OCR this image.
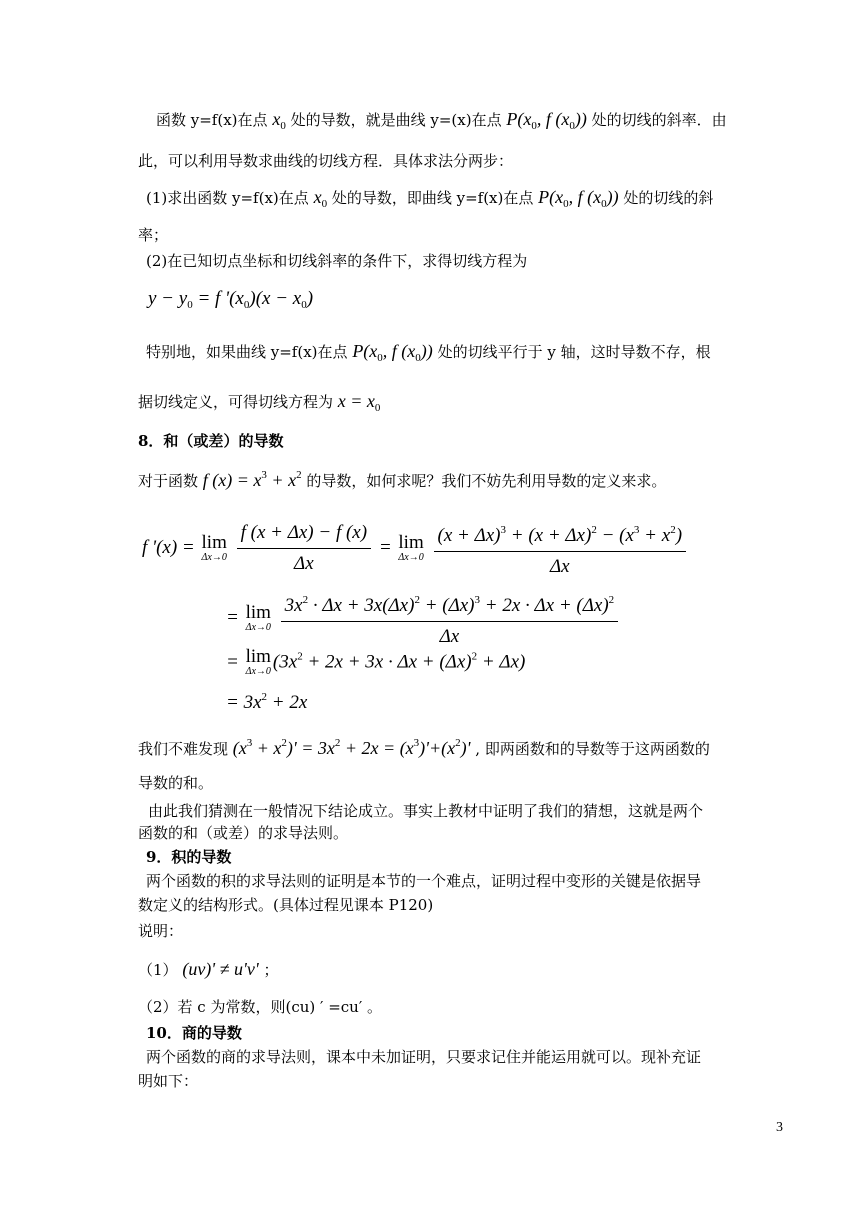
函数 y=f(x)在点 $x_0$ 处的导数，就是曲线 y=(x)在点 $P(x_0$, f $(x_0)$) 处的切线的斜率．由
此，可以利用导数求曲线的切线方程．具体求法分两步：
(1)求出函数 y=f(x)在点 $x_0$ 处的导数，即曲线 y=f(x)在点 $P(x_0$, f $(x_0)$) 处的切线的斜
率；
(2)在已知切点坐标和切线斜率的条件下，求得切线方程为
$y - y_0 = f$ '$(x_0)(x - x_0)$
特别地，如果曲线 y=f(x)在点 $P(x_0$, f $(x_0)$) 处的切线平行于 y 轴，这时导数不存，根
据切线定义，可得切线方程为 $x = x_0$
8．和（或差）的导数
对于函数 f $(x) = x^3 + x^2$ 的导数，如何求呢？我们不妨先利用导数的定义来求。
f '(x) = lim
Δx→0
$\frac{f (x + \Delta x) - f (x)}{\Delta x} = \lim$
Δx→0
$\frac{(x + \Delta x)^3 + (x + \Delta x)^2 - (x^3 + x^2)}{\Delta x}$
= lim
Δx→0
$\frac{3x^2 \cdot \Delta x + 3x(\Delta x)^2 + (\Delta x)^3 + 2x \cdot \Delta x + (\Delta x)^2}{\Delta x}$
= lim
Δx→0 $(3x^2 + 2x + 3x \cdot \Delta x + (\Delta x)^2 + \Delta x)$
= $3x^2 + 2x$
我们不难发现 $(x^3 + x^2)' = 3x^2 + 2x = (x^3)'+(x^2)'$ , 即两函数和的导数等于这两函数的
导数的和。
由此我们猜测在一般情况下结论成立。事实上教材中证明了我们的猜想，这就是两个
函数的和（或差）的求导法则。
9．积的导数
两个函数的积的求导法则的证明是本节的一个难点，证明过程中变形的关键是依据导
数定义的结构形式。(具体过程见课本 P120)
说明：
（1） (uv)' ≠ u'v' ；
（2）若 c 为常数，则(cu) ′ =cu′ 。
10．商的导数
两个函数的商的求导法则，课本中未加证明，只要求记住并能运用就可以。现补充证
明如下：
3
